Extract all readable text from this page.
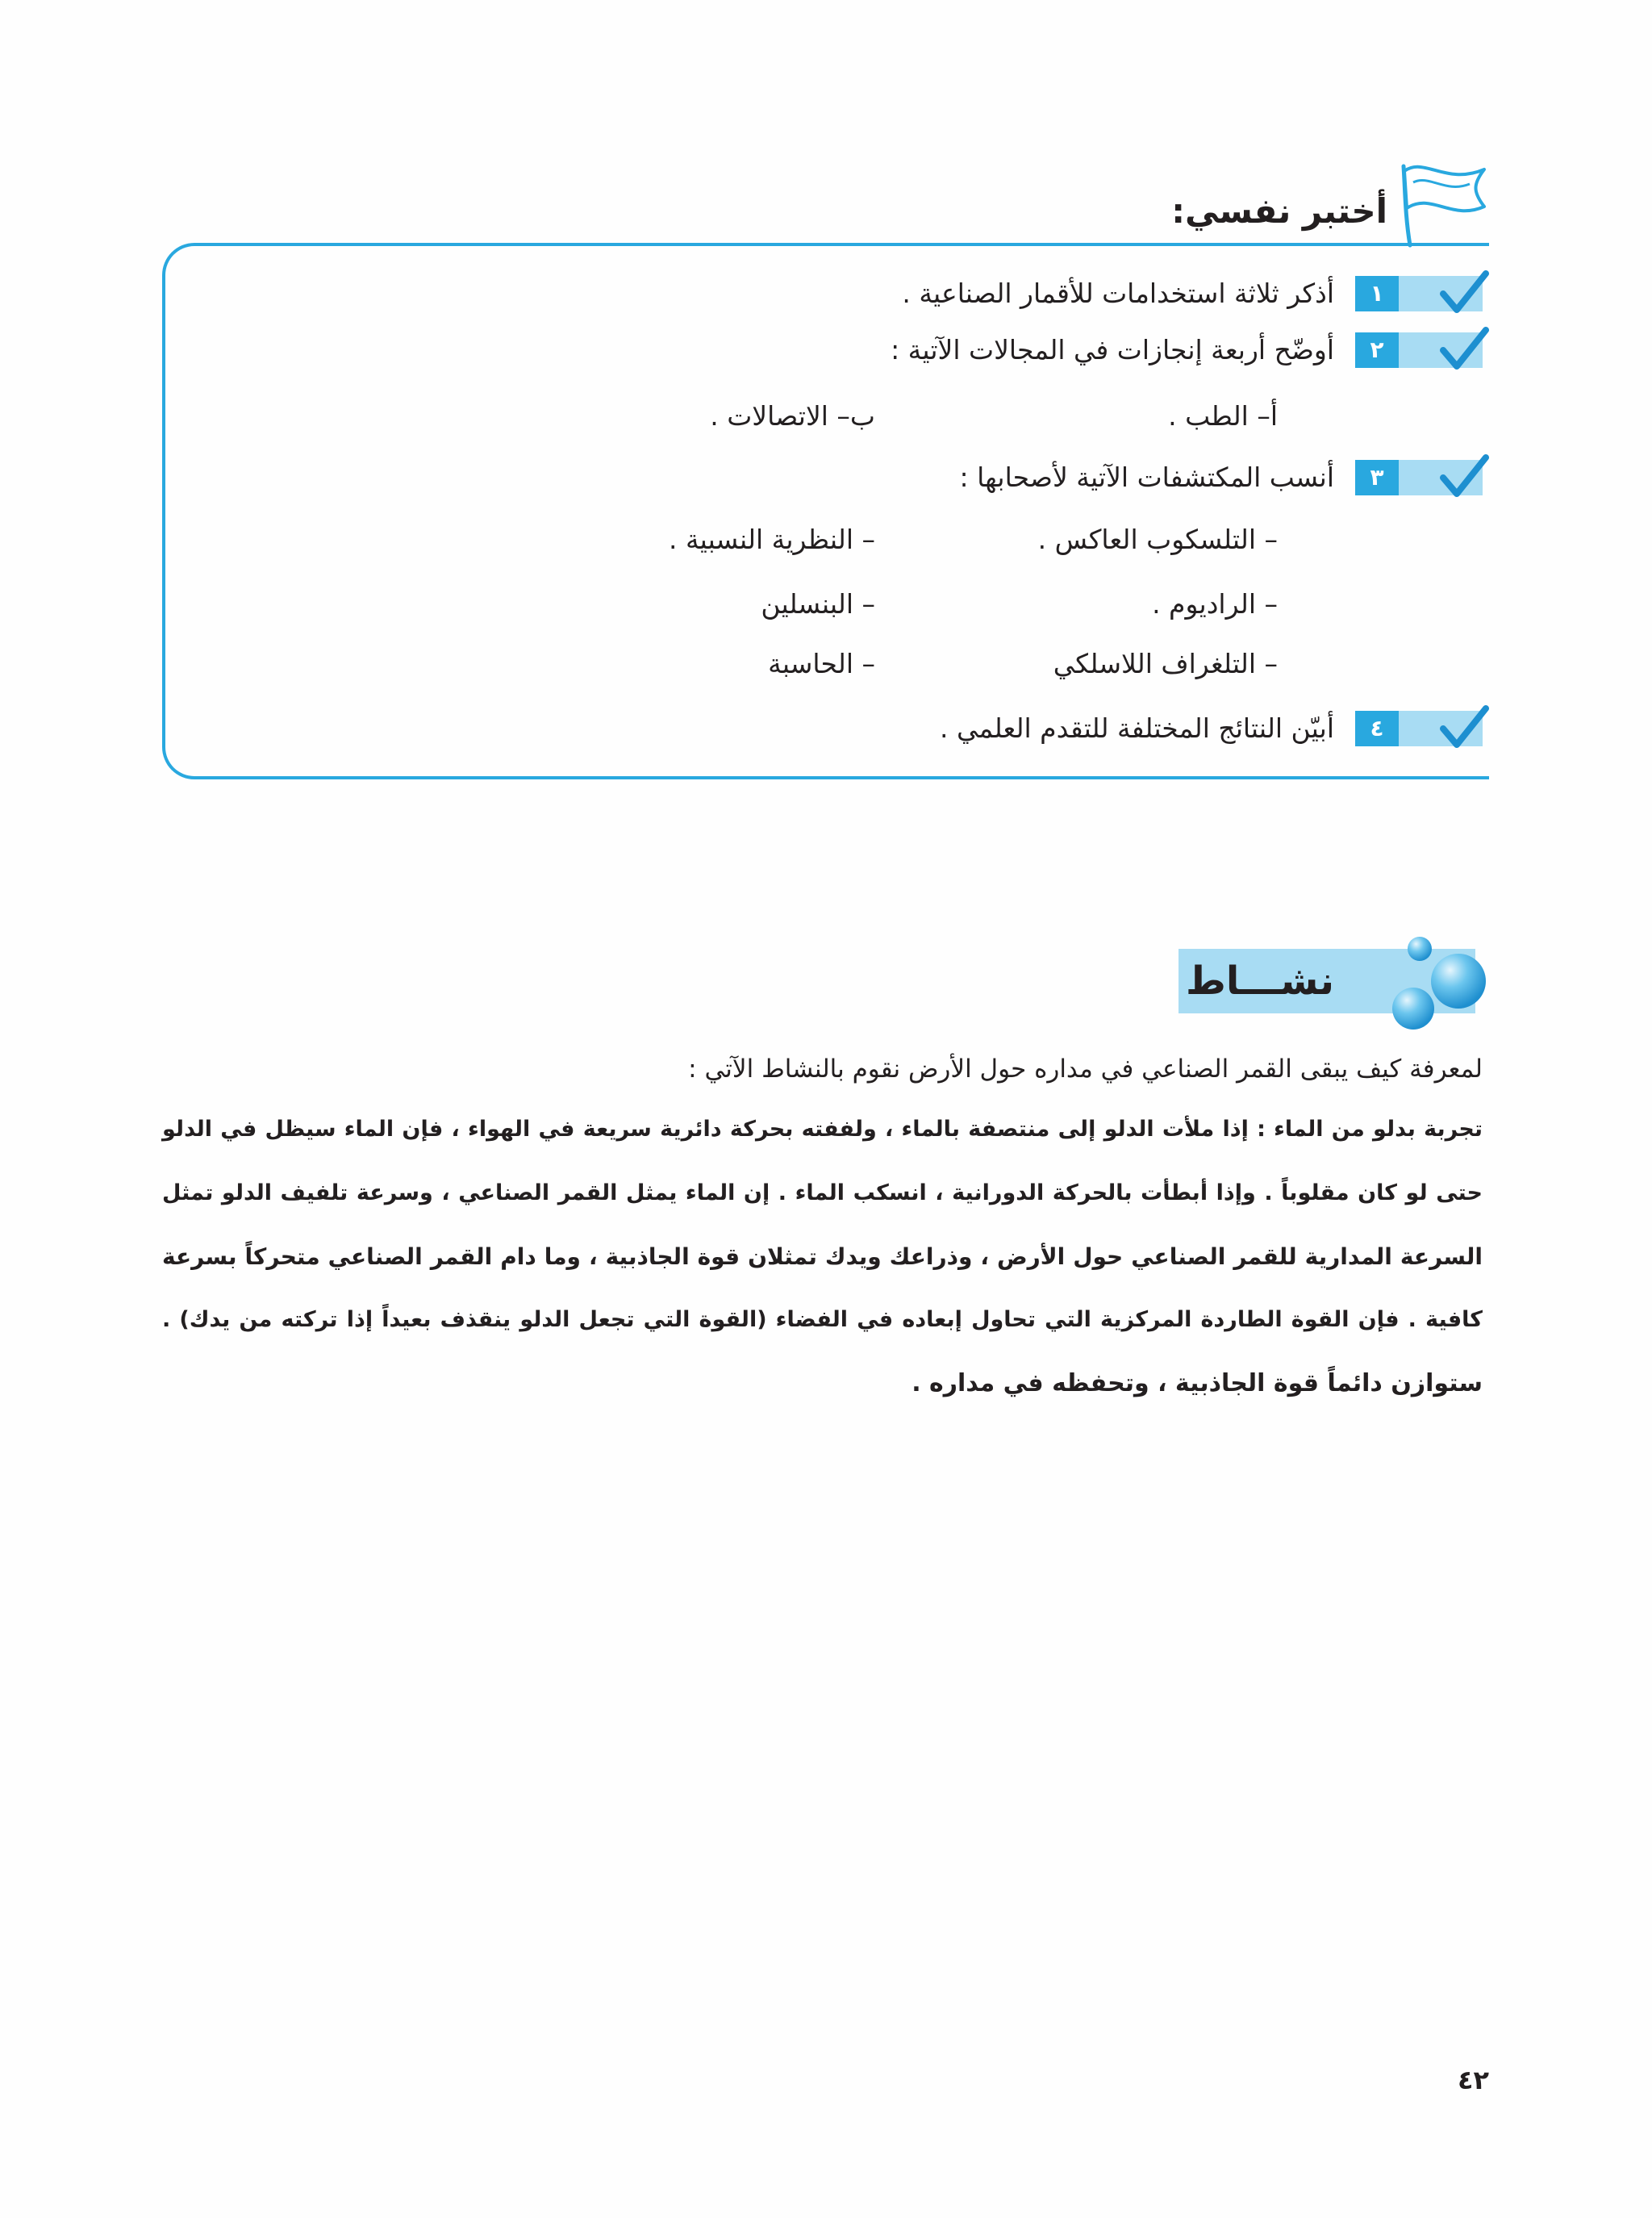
أختبر نفسي:
١
أذكر ثلاثة استخدامات للأقمار الصناعية .
٢
أوضّح أربعة إنجازات في المجالات الآتية :
أ– الطب .
ب– الاتصالات .
٣
أنسب المكتشفات الآتية لأصحابها :
– التلسكوب العاكس .
– النظرية النسبية .
– الراديوم .
– البنسلين
– التلغراف اللاسلكي
– الحاسبة
٤
أبيّن النتائج المختلفة للتقدم العلمي .
نشـــاط
لمعرفة كيف يبقى القمر الصناعي في مداره حول الأرض نقوم بالنشاط الآتي :
تجربة بدلو من الماء : إذا ملأت الدلو إلى منتصفة بالماء ، ولففته بحركة دائرية سريعة في الهواء ، فإن الماء سيظل في الدلو
حتى لو كان مقلوباً . وإذا أبطأت بالحركة الدورانية ، انسكب الماء . إن الماء يمثل القمر الصناعي ، وسرعة تلفيف الدلو تمثل
السرعة المدارية للقمر الصناعي حول الأرض ، وذراعك ويدك تمثلان قوة الجاذبية ، وما دام القمر الصناعي متحركاً بسرعة
كافية . فإن القوة الطاردة المركزية التي تحاول إبعاده في الفضاء (القوة التي تجعل الدلو ينقذف بعيداً إذا تركته من يدك) .
ستوازن دائماً قوة الجاذبية ، وتحفظه في مداره .
٤٢
